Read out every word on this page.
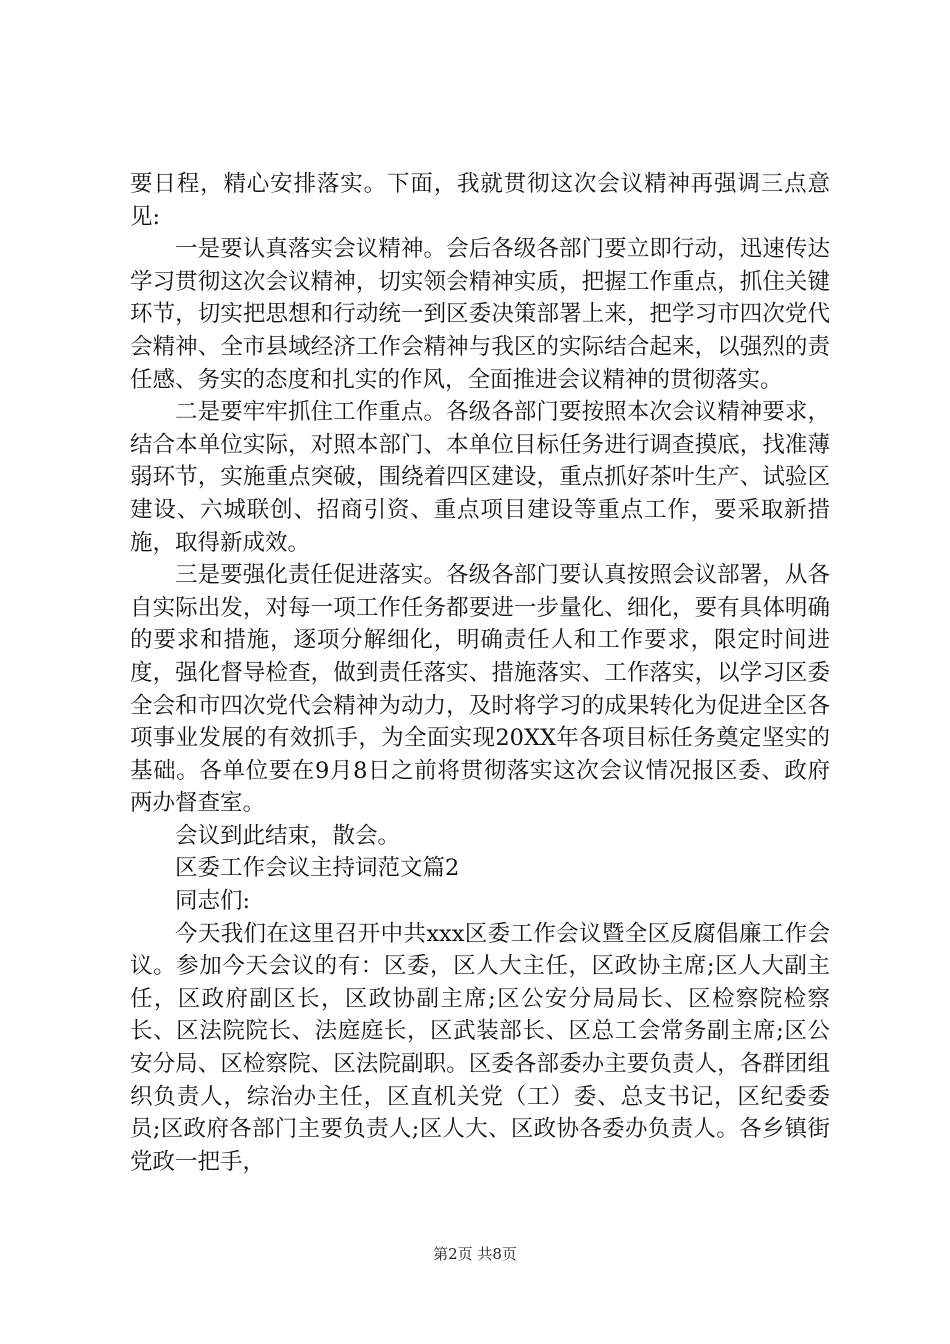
要日程，精心安排落实。下面，我就贯彻这次会议精神再强调三点意见:

一是要认真落实会议精神。会后各级各部门要立即行动，迅速传达学习贯彻这次会议精神，切实领会精神实质，把握工作重点，抓住关键环节，切实把思想和行动统一到区委决策部署上来，把学习市四次党代会精神、全市县域经济工作会精神与我区的实际结合起来，以强烈的责任感、务实的态度和扎实的作风，全面推进会议精神的贯彻落实。

二是要牢牢抓住工作重点。各级各部门要按照本次会议精神要求，结合本单位实际，对照本部门、本单位目标任务进行调查摸底，找准薄弱环节，实施重点突破，围绕着四区建设，重点抓好茶叶生产、试验区建设、六城联创、招商引资、重点项目建设等重点工作，要采取新措施，取得新成效。

三是要强化责任促进落实。各级各部门要认真按照会议部署，从各自实际出发，对每一项工作任务都要进一步量化、细化，要有具体明确的要求和措施，逐项分解细化，明确责任人和工作要求，限定时间进度，强化督导检查，做到责任落实、措施落实、工作落实，以学习区委全会和市四次党代会精神为动力，及时将学习的成果转化为促进全区各项事业发展的有效抓手，为全面实现20XX年各项目标任务奠定坚实的基础。各单位要在9月8日之前将贯彻落实这次会议情况报区委、政府两办督查室。

会议到此结束，散会。

区委工作会议主持词范文篇2

同志们:

今天我们在这里召开中共xxx区委工作会议暨全区反腐倡廉工作会议。参加今天会议的有：区委，区人大主任，区政协主席;区人大副主任，区政府副区长，区政协副主席;区公安分局局长、区检察院检察长、区法院院长、法庭庭长，区武装部长、区总工会常务副主席;区公安分局、区检察院、区法院副职。区委各部委办主要负责人，各群团组织负责人，综治办主任，区直机关党（工）委、总支书记，区纪委委员;区政府各部门主要负责人;区人大、区政协各委办负责人。各乡镇街党政一把手，

第2页 共8页
